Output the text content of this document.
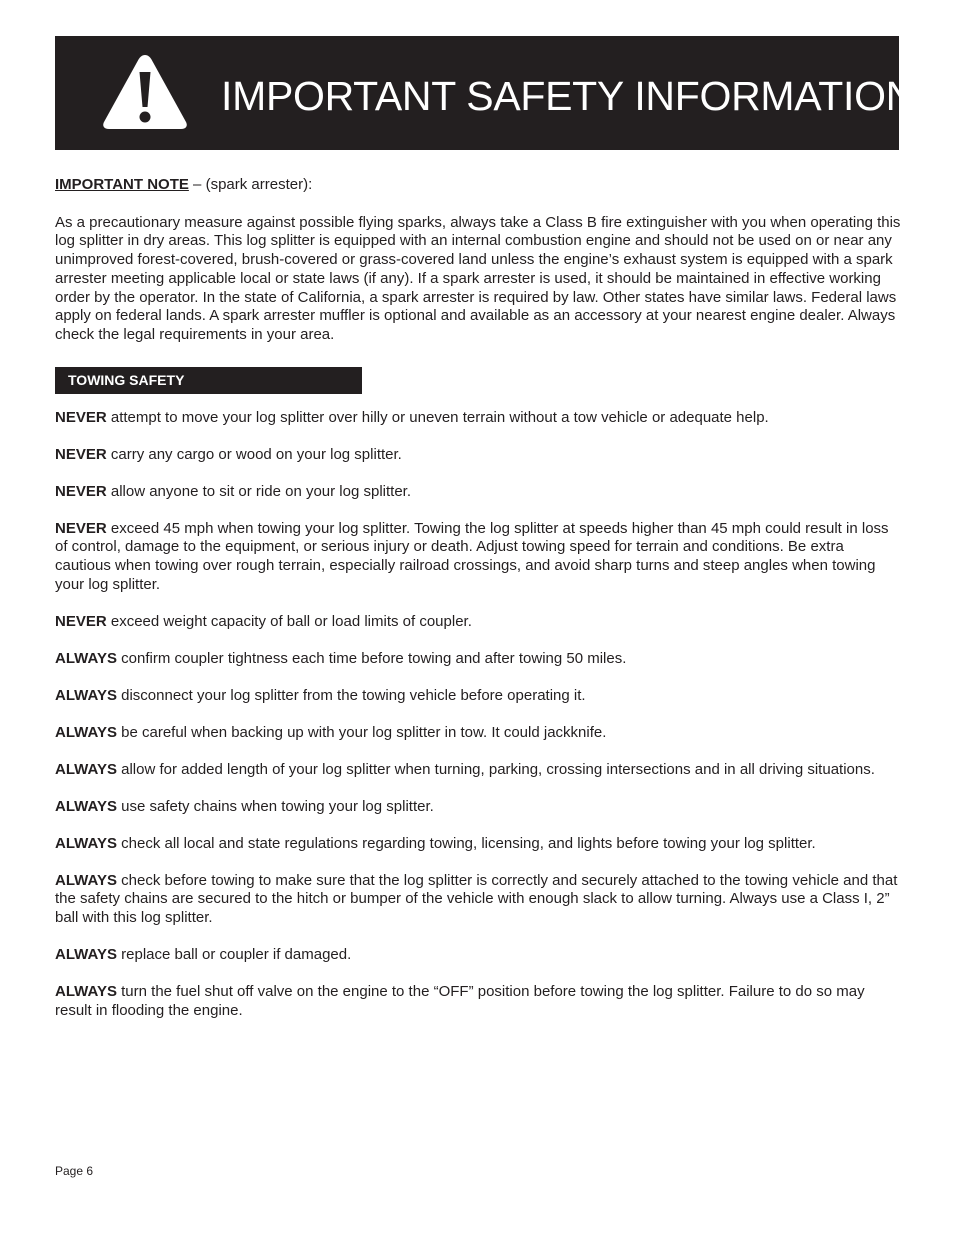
IMPORTANT SAFETY INFORMATION

IMPORTANT NOTE – (spark arrester):

As a precautionary measure against possible flying sparks, always take a Class B fire extinguisher with you when operating this log splitter in dry areas. This log splitter is equipped with an internal combustion engine and should not be used on or near any unimproved forest-covered, brush-covered or grass-covered land unless the engine’s exhaust system is equipped with a spark arrester meeting applicable local or state laws (if any). If a spark arrester is used, it should be maintained in effective working order by the operator. In the state of California, a spark arrester is required by law. Other states have similar laws. Federal laws apply on federal lands. A spark arrester muffler is optional and available as an accessory at your nearest engine dealer. Always check the legal requirements in your area.

TOWING SAFETY

NEVER attempt to move your log splitter over hilly or uneven terrain without a tow vehicle or adequate help.

NEVER carry any cargo or wood on your log splitter.

NEVER allow anyone to sit or ride on your log splitter.

NEVER exceed 45 mph when towing your log splitter. Towing the log splitter at speeds higher than 45 mph could result in loss of control, damage to the equipment, or serious injury or death. Adjust towing speed for terrain and conditions. Be extra cautious when towing over rough terrain, especially railroad crossings, and avoid sharp turns and steep angles when towing your log splitter.

NEVER exceed weight capacity of ball or load limits of coupler.

ALWAYS confirm coupler tightness each time before towing and after towing 50 miles.

ALWAYS disconnect your log splitter from the towing vehicle before operating it.

ALWAYS be careful when backing up with your log splitter in tow. It could jackknife.

ALWAYS allow for added length of your log splitter when turning, parking, crossing intersections and in all driving situations.

ALWAYS use safety chains when towing your log splitter.

ALWAYS check all local and state regulations regarding towing, licensing, and lights before towing your log splitter.

ALWAYS check before towing to make sure that the log splitter is correctly and securely attached to the towing vehicle and that the safety chains are secured to the hitch or bumper of the vehicle with enough slack to allow turning. Always use a Class I, 2” ball with this log splitter.

ALWAYS replace ball or coupler if damaged.

ALWAYS turn the fuel shut off valve on the engine to the “OFF” position before towing the log splitter. Failure to do so may result in flooding the engine.

Page 6
